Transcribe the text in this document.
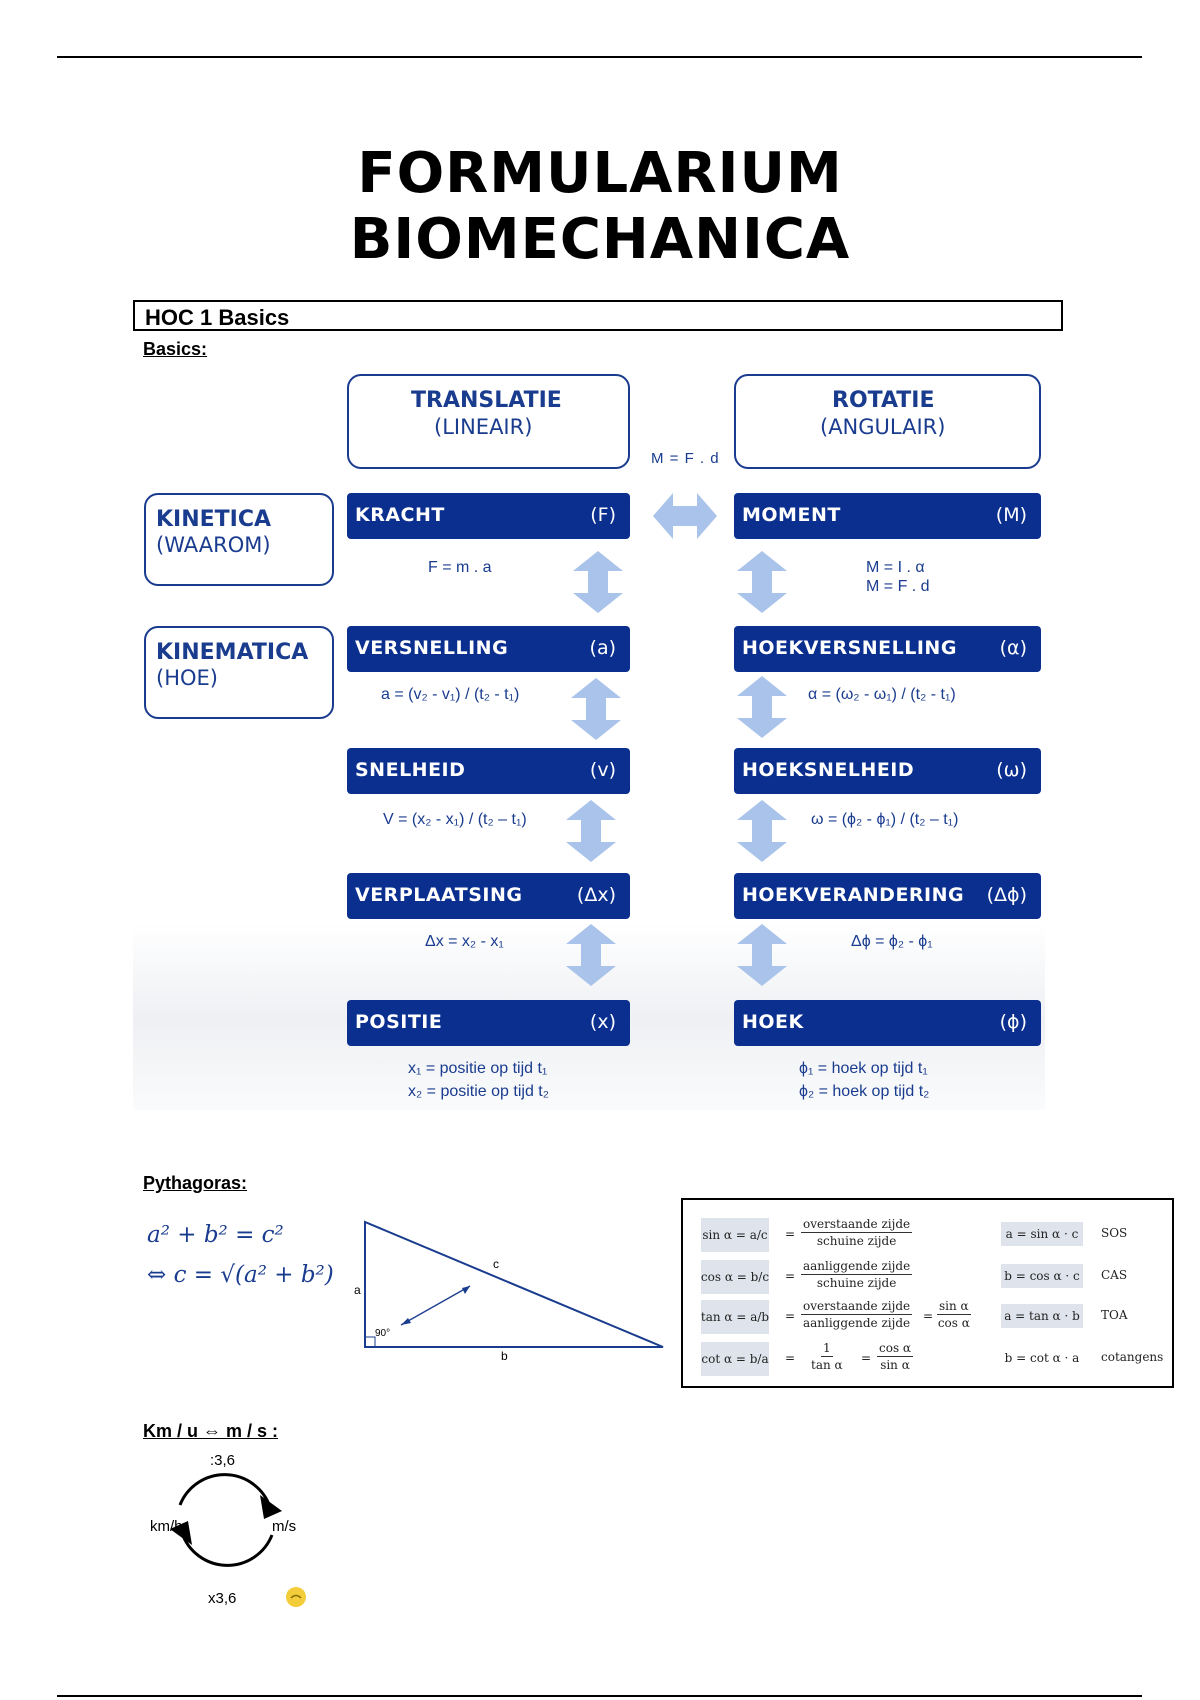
FORMULARIUM
BIOMECHANICA
HOC 1 Basics
Basics:
TRANSLATIE
(LINEAIR)
ROTATIE
(ANGULAIR)
M = F . d
KINETICA
(WAAROM)
KINEMATICA
(HOE)
KRACHT	(F)
VERSNELLING	(a)
SNELHEID	(v)
VERPLAATSING	(Δx)
POSITIE	(x)
MOMENT	(M)
HOEKVERSNELLING (α)
HOEKSNELHEID	(ω)
HOEKVERANDERING (Δϕ)
HOEK	(ϕ)
F = m . a
a = (v₂ - v₁) / (t₂ - t₁)
V = (x₂ - x₁) / (t₂ – t₁)
Δx = x₂ - x₁
x₁ = positie op tijd t₁
x₂ = positie op tijd t₂
M = I . α
M = F . d
α = (ω₂ - ω₁) / (t₂ - t₁)
ω = (ϕ₂ - ϕ₁) / (t₂ – t₁)
Δϕ = ϕ₂ - ϕ₁
ϕ₁ = hoek op tijd t₁
ϕ₂ = hoek op tijd t₂
Pythagoras:
a² + b² = c²
⇔ c = √(a² + b²)
a
b
c
90°
sin α = a/c =
overstaande zijde
schuine zijde	a = sin α · c	SOS
cos α = b/c =
aanliggende zijde
schuine zijde	b = cos α · c CAS
tan α = a/b =
overstaande zijde
aanliggende zijde = $\frac{\text{sin α}}{\text{cos α}}$	a = tan α · b TOA
$\cot \alpha = b/a = \frac{1}{\text{tan α}} = \frac{\text{cos α}}{\text{sin α}}$	b = cot α · a	cotangens
Km / u ⇔ m / s :
:3,6
km/h	m/s
x3,6
